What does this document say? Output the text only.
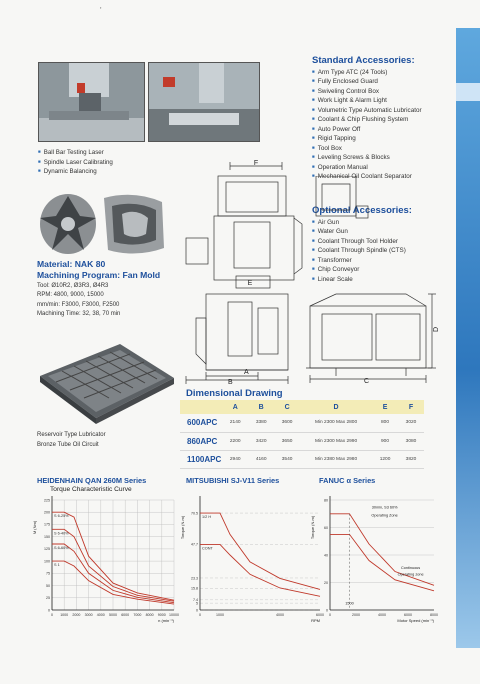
'
■ Ball Bar Testing Laser
■ Spindle Laser Calibrating
■ Dynamic Balancing
Material: NAK 80
Machining Program: Fan Mold
Tool: Ø10R2, Ø3R3, Ø4R3
RPM: 4800, 9000, 15000
mm/min: F3000, F3000, F2500
Machining Time: 32, 38, 70 min
Standard Accessories:
■ Arm Type ATC (24 Tools)
■ Fully Enclosed Guard
■ Swiveling Control Box
■ Work Light & Alarm Light
■ Volumetric Type Automatic Lubricator
■ Coolant & Chip Flushing System
■ Auto Power Off
■ Rigid Tapping
■ Tool Box
■ Leveling Screws & Blocks
■ Operation Manual
■ Mechanical Oil Coolant Separator
Optional Accessories:
■ Air Gun
■ Water Gun
■ Coolant Through Tool Holder
■ Coolant Through Spindle (CTS)
■ Transformer
■ Chip Conveyor
■ Linear Scale
F
E
A
B	C
D
Dimensional Drawing
	A	B	C	D	E	F
600APC	2140	3380	3600	Min 2300 Max 2800	800	3020
860APC	2200	3420	3650	Min 2300 Max 2990	900	3080
1100APC	2940	4160	3540	Min 2380 Max 2980	1200	3820
Reservoir Type Lubricator
Bronze Tube Oil Circuit
HEIDENHAIN QAN 260M Series
Torque Characteristic Curve
MITSUBISHI SJ-V11 Series	FANUC α Series
0 1000 2000 3000 4000 5000 6000 7000 8000 9000 10000
0
25
50
75
100
125
150
175
200
225
S 6-25%
S 6-40%
S 6-60%
S 1
n (min⁻¹)
M (Nm)
0	1000	4000	6000
0
5
7.4
15.8
23.3
47.7
70.5
1/2 H
CONT
RPM
Torque (N.m)
0	2000	4000	6000	8000
0
20
40
60
80
Motor Speed (min⁻¹)
Torque (N.m)
30min, S3 60%
Operating Zone
Continuous
Operating zone
1500
